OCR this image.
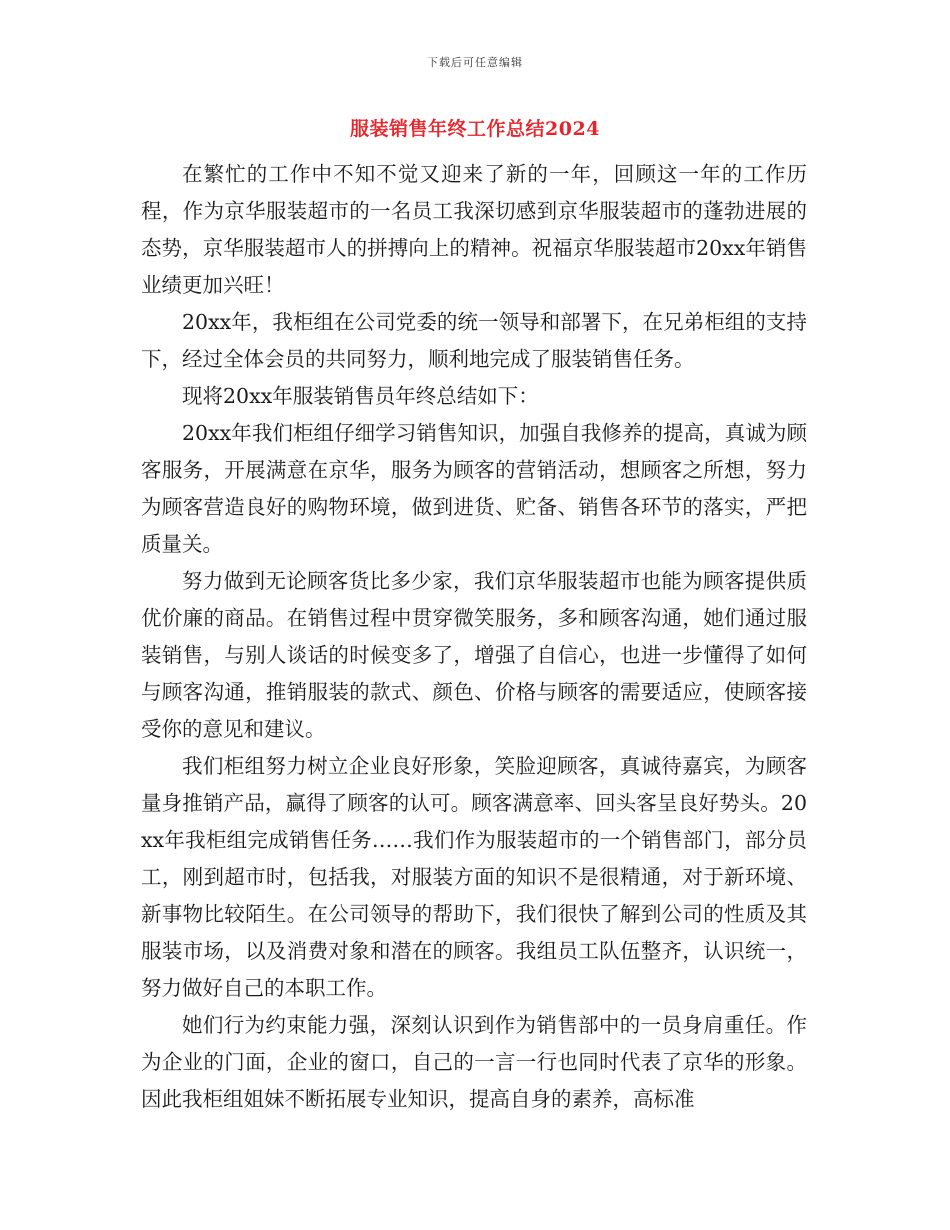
下载后可任意编辑
服装销售年终工作总结2024

在繁忙的工作中不知不觉又迎来了新的一年，回顾这一年的工作历程，作为京华服装超市的一名员工我深切感到京华服装超市的蓬勃进展的态势，京华服装超市人的拼搏向上的精神。祝福京华服装超市20xx年销售业绩更加兴旺！

20xx年，我柜组在公司党委的统一领导和部署下，在兄弟柜组的支持下，经过全体会员的共同努力，顺利地完成了服装销售任务。

现将20xx年服装销售员年终总结如下：

20xx年我们柜组仔细学习销售知识，加强自我修养的提高，真诚为顾客服务，开展满意在京华，服务为顾客的营销活动，想顾客之所想，努力为顾客营造良好的购物环境，做到进货、贮备、销售各环节的落实，严把质量关。

努力做到无论顾客货比多少家，我们京华服装超市也能为顾客提供质优价廉的商品。在销售过程中贯穿微笑服务，多和顾客沟通，她们通过服装销售，与别人谈话的时候变多了，增强了自信心，也进一步懂得了如何与顾客沟通，推销服装的款式、颜色、价格与顾客的需要适应，使顾客接受你的意见和建议。

我们柜组努力树立企业良好形象，笑脸迎顾客，真诚待嘉宾，为顾客量身推销产品，赢得了顾客的认可。顾客满意率、回头客呈良好势头。20xx年我柜组完成销售任务……我们作为服装超市的一个销售部门，部分员工，刚到超市时，包括我，对服装方面的知识不是很精通，对于新环境、新事物比较陌生。在公司领导的帮助下，我们很快了解到公司的性质及其服装市场，以及消费对象和潜在的顾客。我组员工队伍整齐，认识统一，努力做好自己的本职工作。

她们行为约束能力强，深刻认识到作为销售部中的一员身肩重任。作为企业的门面，企业的窗口，自己的一言一行也同时代表了京华的形象。因此我柜组姐妹不断拓展专业知识，提高自身的素养，高标准
